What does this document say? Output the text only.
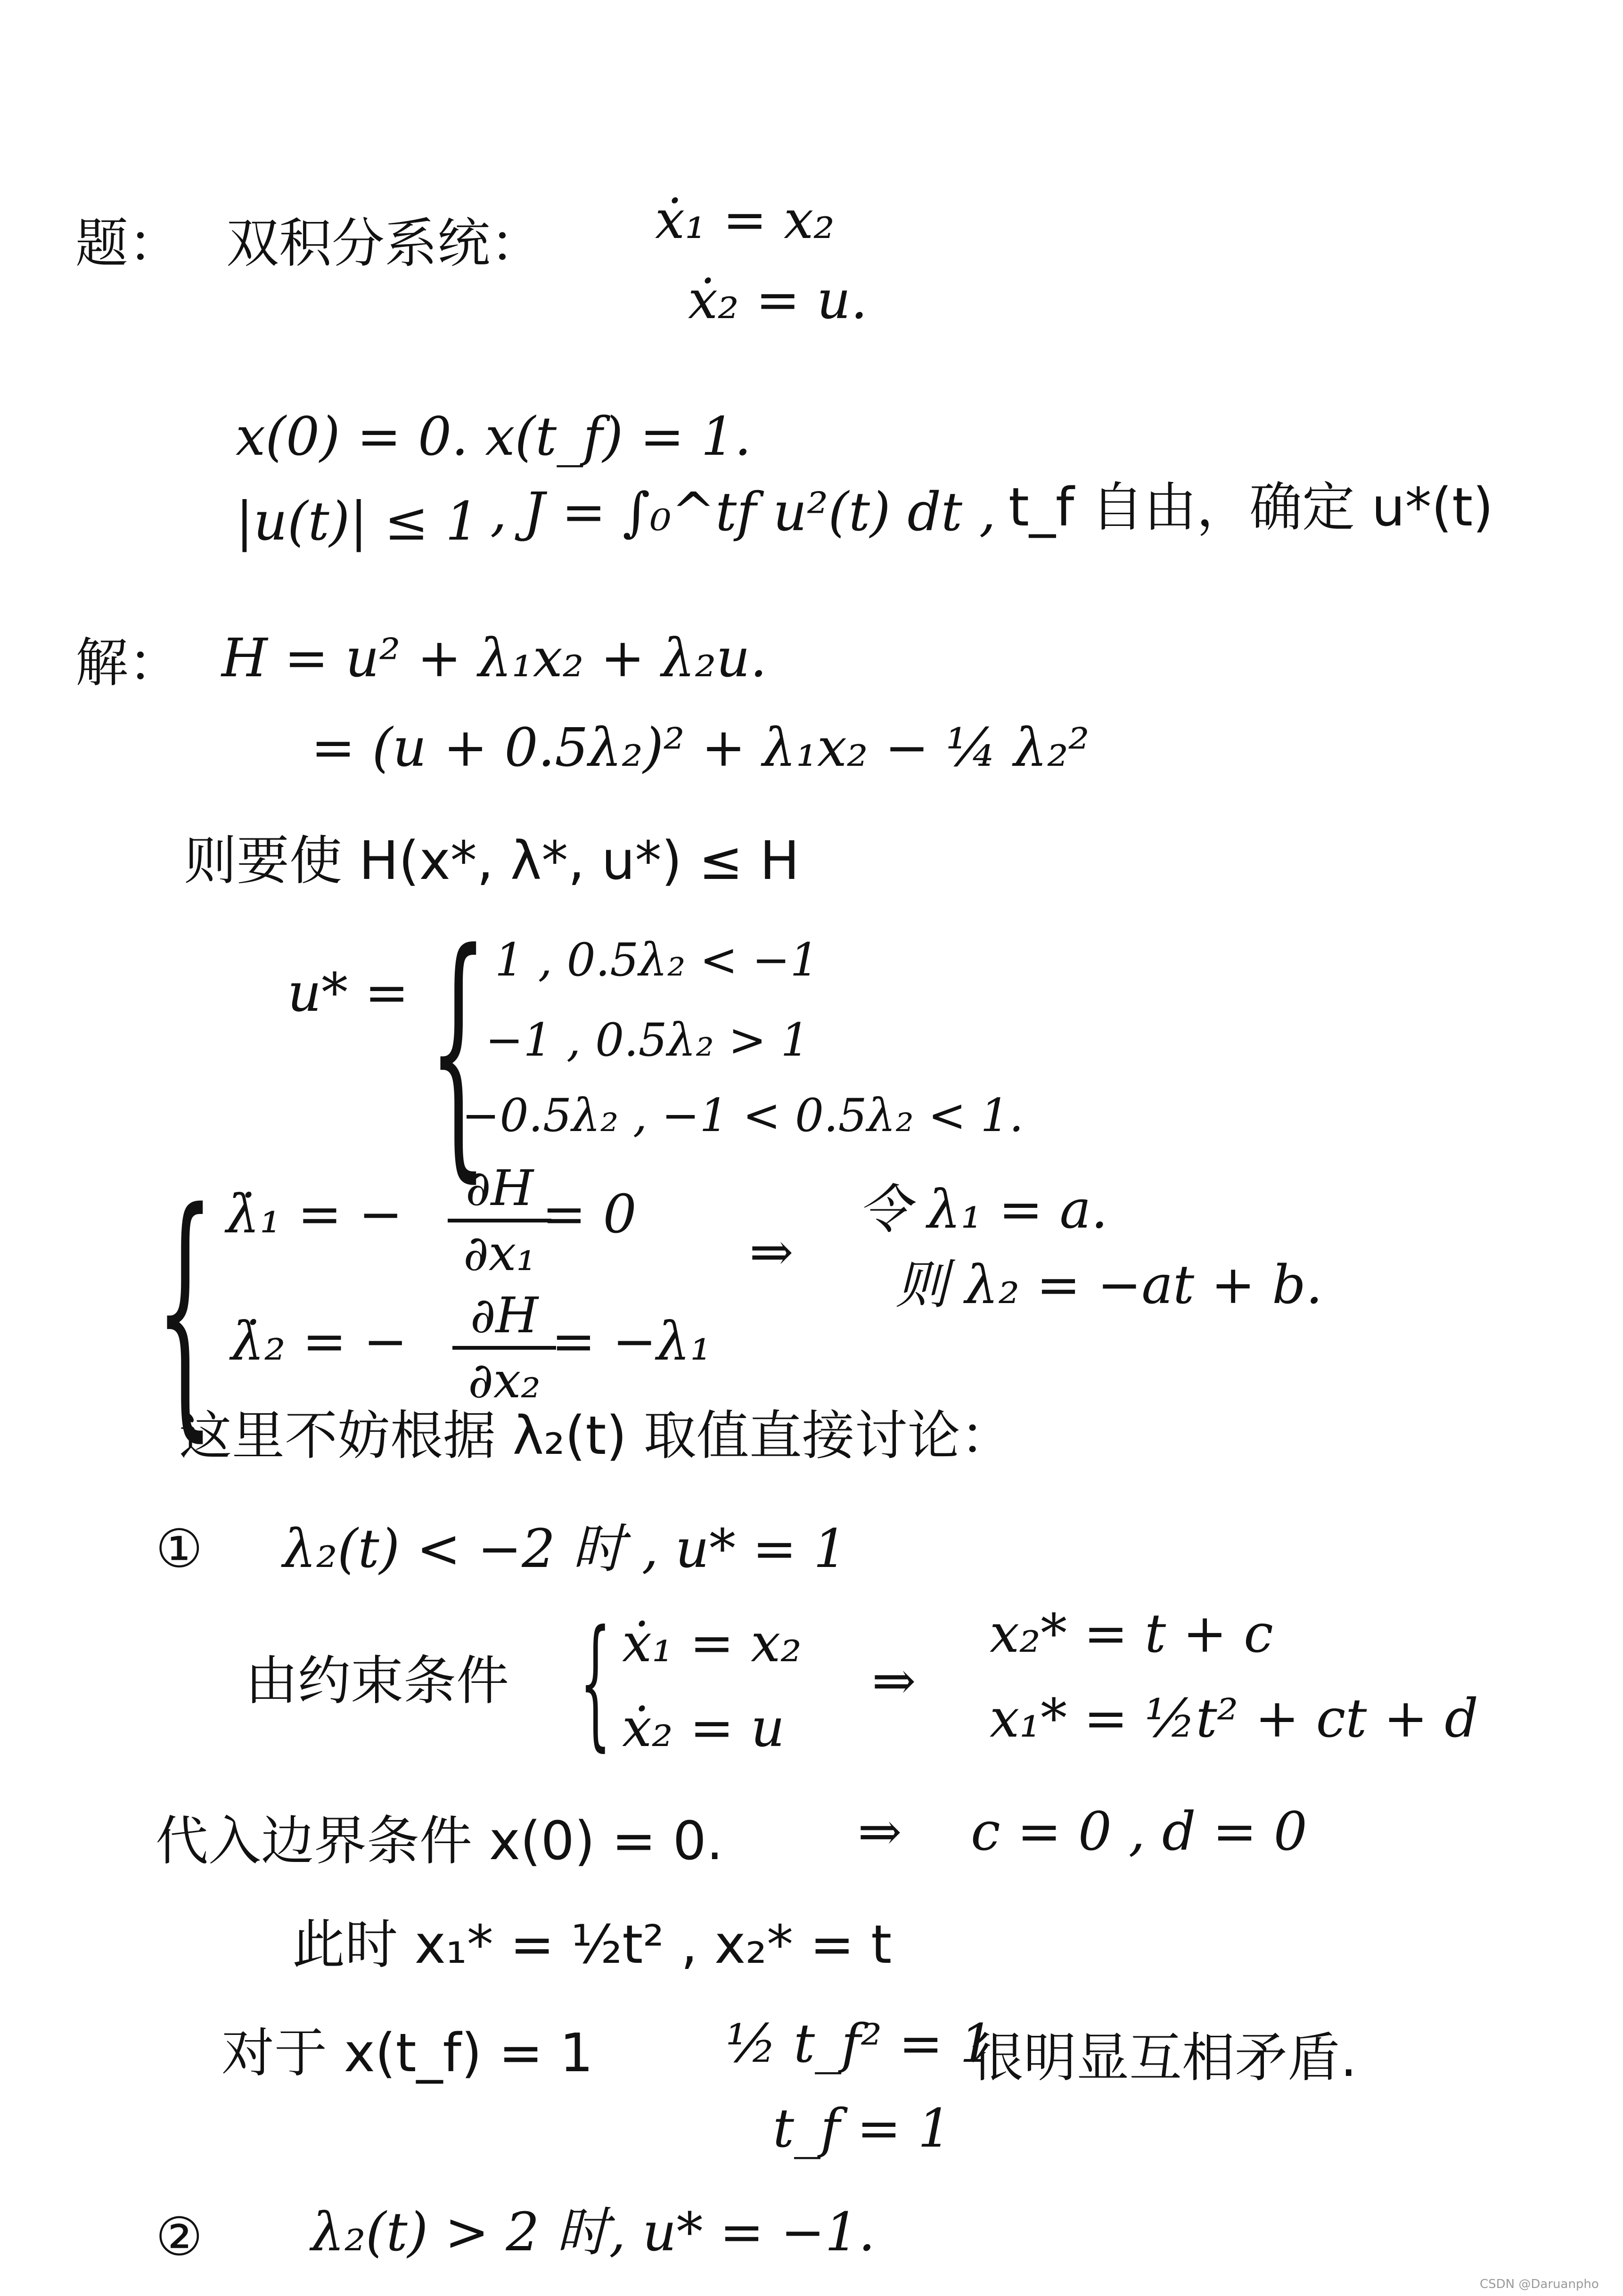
题： 双积分系统： ẋ₁ = x₂
ẋ₂ = u.
x(0) = 0. x(t_f) = 1.
|u(t)| ≤ 1 , J = ∫₀^tf u²(t) dt , t_f 自由，确定 u*(t)
解： H = u² + λ₁x₂ + λ₂u.
= (u + 0.5λ₂)² + λ₁x₂ − ¼ λ₂²
则要使 H(x*, λ*, u*) ≤ H
u* = { 1 , 0.5λ₂ < −1
−1 , 0.5λ₂ > 1
−0.5λ₂ , −1 < 0.5λ₂ < 1.
{ λ̇₁ = − ∂H
∂x₁
= 0
λ̇₂ = − ∂H
∂x₂
= −λ₁
⇒
令 λ₁ = a.
则 λ₂ = −at + b.
这里不妨根据 λ₂(t) 取值直接讨论：
① λ₂(t) < −2 时 , u* = 1
由约束条件 { ẋ₁ = x₂
ẋ₂ = u
⇒
x₂* = t + c
x₁* = ½t² + ct + d
代入边界条件 x(0) = 0.	⇒ c = 0 , d = 0
此时 x₁* = ½t² , x₂* = t
对于 x(t_f) = 1	½ t_f² = 1
t_f = 1
很明显互相矛盾.
② λ₂(t) > 2 时, u* = −1.
CSDN @Daruanpho
